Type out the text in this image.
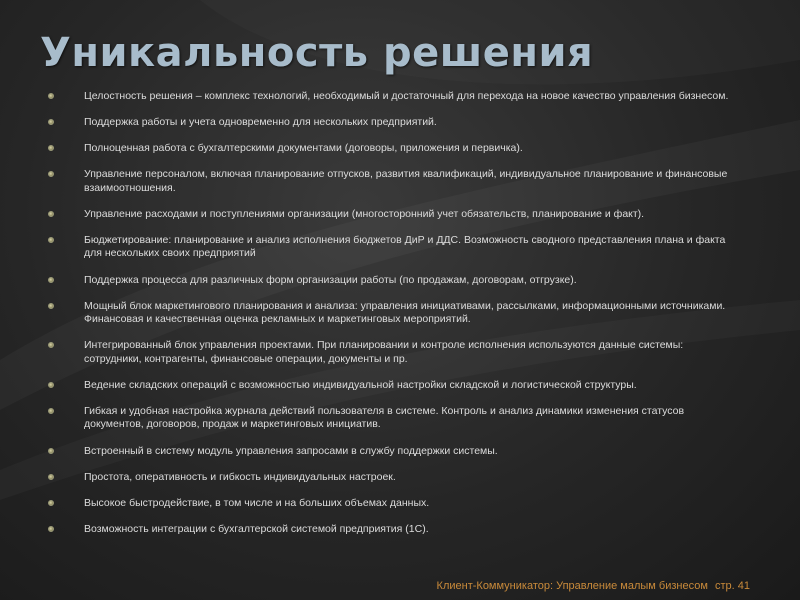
Уникальность решения
Целостность решения – комплекс технологий, необходимый и достаточный для перехода на новое качество управления бизнесом.
Поддержка работы и учета одновременно для нескольких предприятий.
Полноценная работа с бухгалтерскими документами (договоры, приложения и первичка).
Управление персоналом, включая планирование отпусков, развития квалификаций, индивидуальное планирование и финансовые взаимоотношения.
Управление расходами и поступлениями организации (многосторонний учет обязательств, планирование и факт).
Бюджетирование: планирование и анализ исполнения бюджетов ДиР и ДДС. Возможность сводного представления плана и факта для нескольких своих предприятий
Поддержка процесса для различных форм организации работы (по продажам, договорам, отгрузке).
Мощный блок маркетингового планирования и анализа: управления инициативами, рассылками, информационными источниками. Финансовая и качественная оценка рекламных и маркетинговых мероприятий.
Интегрированный блок управления проектами. При планировании и контроле исполнения используются данные системы: сотрудники, контрагенты, финансовые операции, документы и пр.
Ведение складских операций с возможностью индивидуальной настройки складской и логистической структуры.
Гибкая и удобная настройка журнала действий пользователя в системе. Контроль и анализ динамики изменения статусов документов, договоров, продаж и маркетинговых инициатив.
Встроенный в систему модуль управления запросами в службу поддержки системы.
Простота, оперативность и гибкость индивидуальных настроек.
Высокое быстродействие, в том числе и на больших объемах данных.
Возможность интеграции с бухгалтерской системой предприятия (1С).
Клиент-Коммуникатор: Управление малым бизнесом стр. 41
